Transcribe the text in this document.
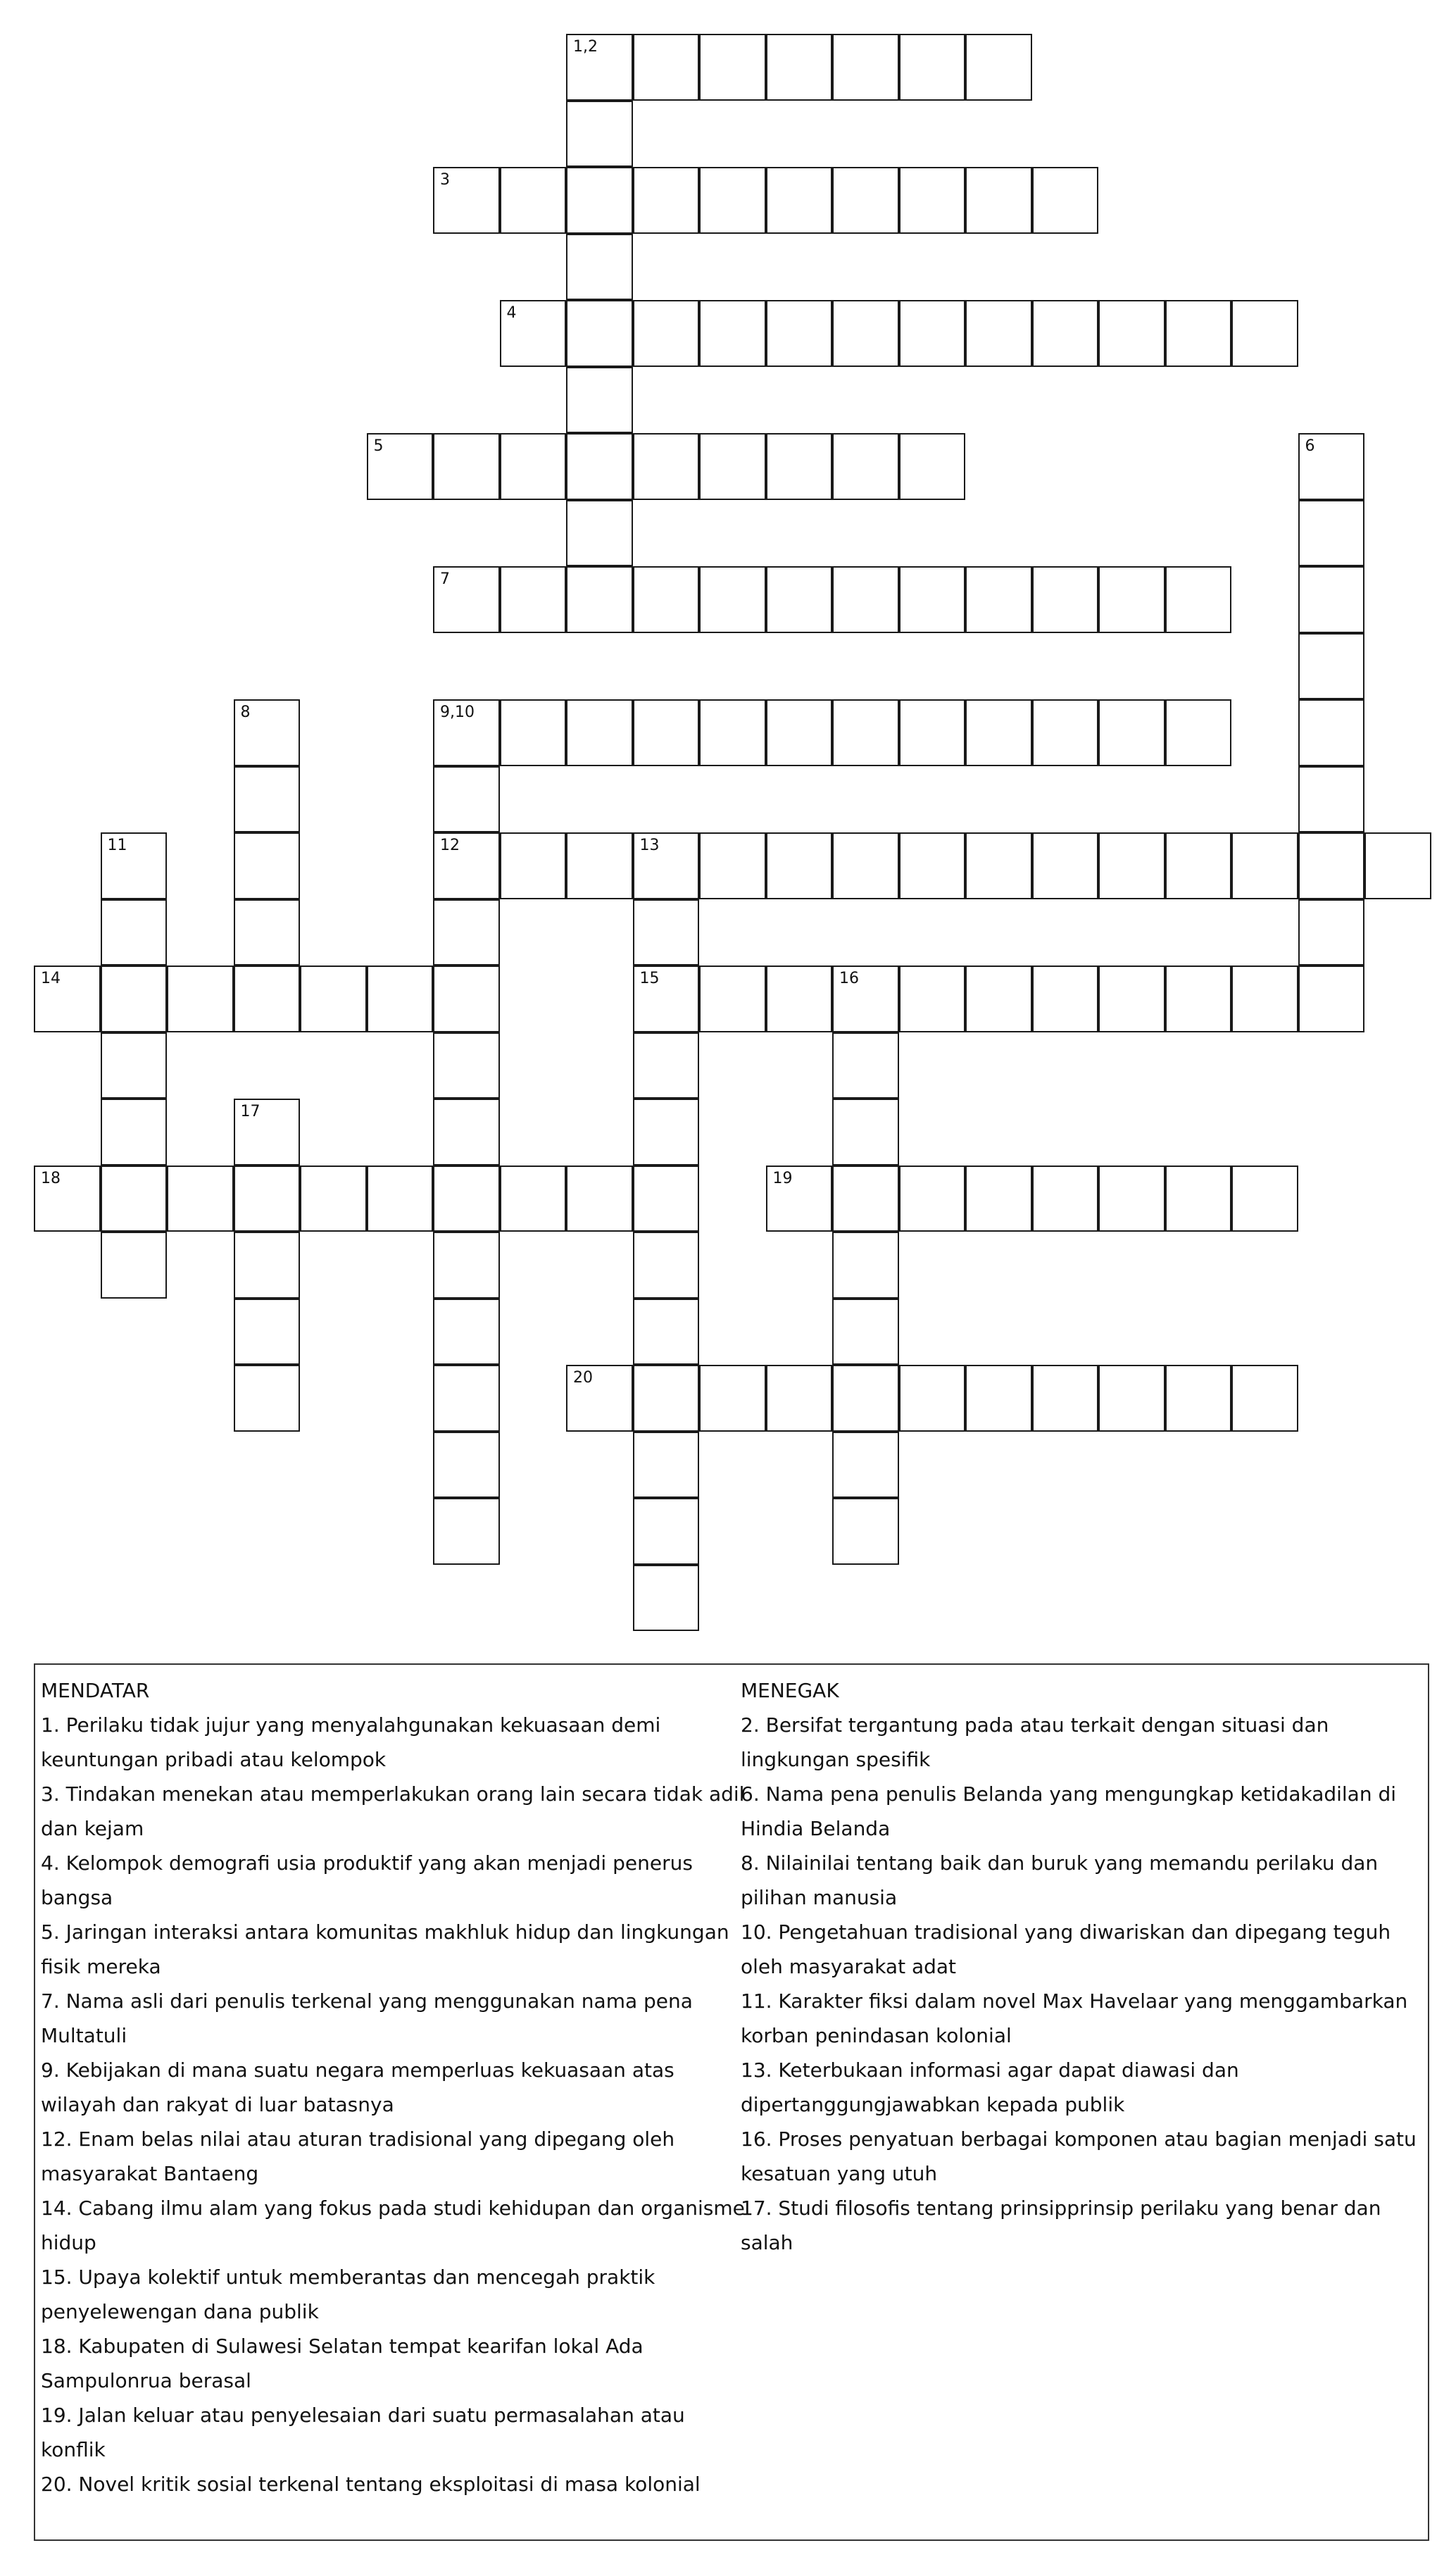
1,2
3
4
5	6
7
8	9,10
12
11	13
15
14	16
17
18	19
20
MENDATAR
1. Perilaku tidak jujur yang menyalahgunakan kekuasaan demi keuntungan pribadi atau kelompok
3. Tindakan menekan atau memperlakukan orang lain secara tidak adil dan kejam
4. Kelompok demografi usia produktif yang akan menjadi penerus bangsa
5. Jaringan interaksi antara komunitas makhluk hidup dan lingkungan fisik mereka
7. Nama asli dari penulis terkenal yang menggunakan nama pena Multatuli
9. Kebijakan di mana suatu negara memperluas kekuasaan atas wilayah dan rakyat di luar batasnya
12. Enam belas nilai atau aturan tradisional yang dipegang oleh masyarakat Bantaeng
14. Cabang ilmu alam yang fokus pada studi kehidupan dan organisme hidup
15. Upaya kolektif untuk memberantas dan mencegah praktik penyelewengan dana publik
18. Kabupaten di Sulawesi Selatan tempat kearifan lokal Ada Sampulonrua berasal
19. Jalan keluar atau penyelesaian dari suatu permasalahan atau konflik
20. Novel kritik sosial terkenal tentang eksploitasi di masa kolonial
MENEGAK
2. Bersifat tergantung pada atau terkait dengan situasi dan lingkungan spesifik
6. Nama pena penulis Belanda yang mengungkap ketidakadilan di Hindia Belanda
8. Nilainilai tentang baik dan buruk yang memandu perilaku dan pilihan manusia
10. Pengetahuan tradisional yang diwariskan dan dipegang teguh oleh masyarakat adat
11. Karakter fiksi dalam novel Max Havelaar yang menggambarkan korban penindasan kolonial
13. Keterbukaan informasi agar dapat diawasi dan dipertanggungjawabkan kepada publik
16. Proses penyatuan berbagai komponen atau bagian menjadi satu kesatuan yang utuh
17. Studi filosofis tentang prinsipprinsip perilaku yang benar dan salah
